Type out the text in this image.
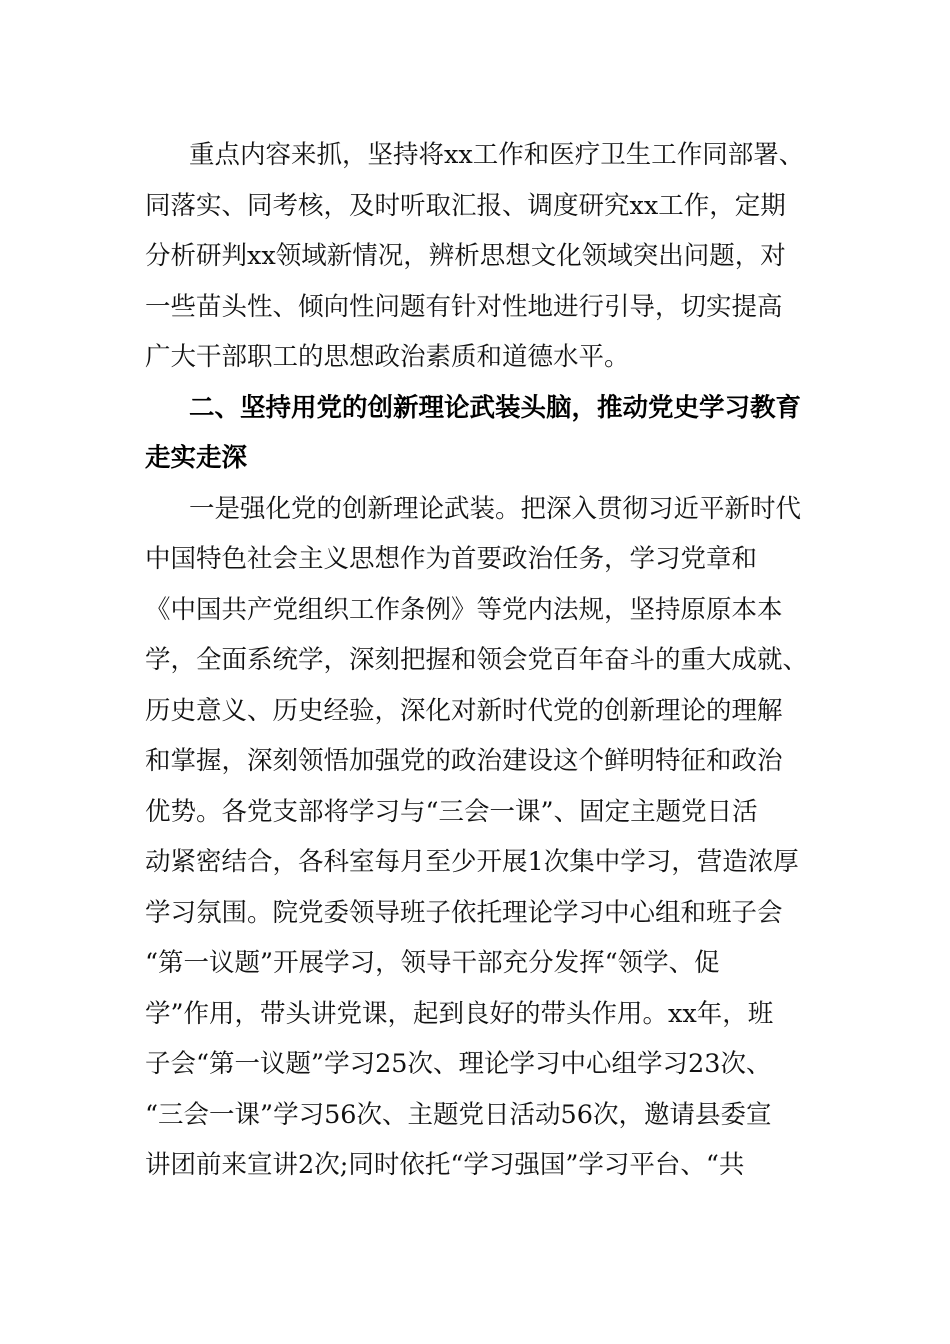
重点内容来抓，坚持将xx工作和医疗卫生工作同部署、
同落实、同考核，及时听取汇报、调度研究xx工作，定期
分析研判xx领域新情况，辨析思想文化领域突出问题，对
一些苗头性、倾向性问题有针对性地进行引导，切实提高
广大干部职工的思想政治素质和道德水平。
二、坚持用党的创新理论武装头脑，推动党史学习教育
走实走深
一是强化党的创新理论武装。把深入贯彻习近平新时代
中国特色社会主义思想作为首要政治任务，学习党章和
《中国共产党组织工作条例》等党内法规，坚持原原本本
学，全面系统学，深刻把握和领会党百年奋斗的重大成就、
历史意义、历史经验，深化对新时代党的创新理论的理解
和掌握，深刻领悟加强党的政治建设这个鲜明特征和政治
优势。各党支部将学习与“三会一课”、固定主题党日活
动紧密结合，各科室每月至少开展1次集中学习，营造浓厚
学习氛围。院党委领导班子依托理论学习中心组和班子会
“第一议题”开展学习，领导干部充分发挥“领学、促
学”作用，带头讲党课，起到良好的带头作用。xx年，班
子会“第一议题”学习25次、理论学习中心组学习23次、
“三会一课”学习56次、主题党日活动56次，邀请县委宣
讲团前来宣讲2次;同时依托“学习强国”学习平台、“共
